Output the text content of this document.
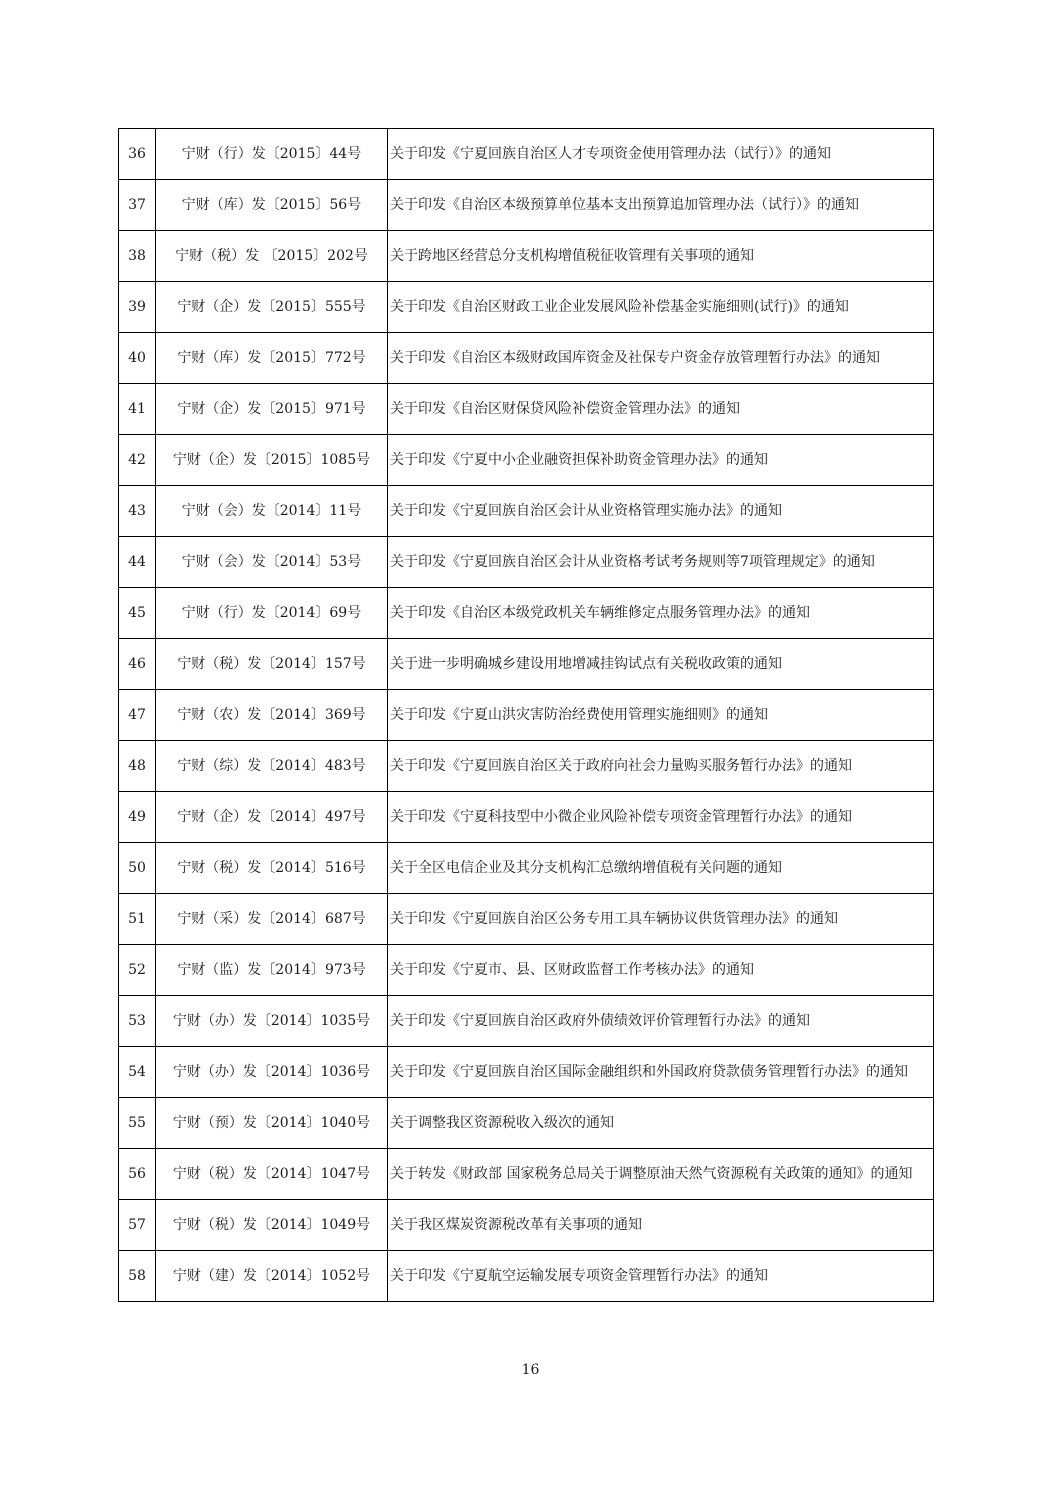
36	宁财（行）发〔2015〕44号	关于印发《宁夏回族自治区人才专项资金使用管理办法（试行）》的通知
37	宁财（库）发〔2015〕56号	关于印发《自治区本级预算单位基本支出预算追加管理办法（试行）》的通知
38	宁财（税）发 〔2015〕202号	关于跨地区经营总分支机构增值税征收管理有关事项的通知
39	宁财（企）发〔2015〕555号	关于印发《自治区财政工业企业发展风险补偿基金实施细则(试行)》的通知
40	宁财（库）发〔2015〕772号	关于印发《自治区本级财政国库资金及社保专户资金存放管理暂行办法》的通知
41	宁财（企）发〔2015〕971号	关于印发《自治区财保贷风险补偿资金管理办法》的通知
42	宁财（企）发〔2015〕1085号	关于印发《宁夏中小企业融资担保补助资金管理办法》的通知
43	宁财（会）发〔2014〕11号	关于印发《宁夏回族自治区会计从业资格管理实施办法》的通知
44	宁财（会）发〔2014〕53号	关于印发《宁夏回族自治区会计从业资格考试考务规则等7项管理规定》的通知
45	宁财（行）发〔2014〕69号	关于印发《自治区本级党政机关车辆维修定点服务管理办法》的通知
46	宁财（税）发〔2014〕157号	关于进一步明确城乡建设用地增减挂钩试点有关税收政策的通知
47	宁财（农）发〔2014〕369号	关于印发《宁夏山洪灾害防治经费使用管理实施细则》的通知
48	宁财（综）发〔2014〕483号	关于印发《宁夏回族自治区关于政府向社会力量购买服务暂行办法》的通知
49	宁财（企）发〔2014〕497号	关于印发《宁夏科技型中小微企业风险补偿专项资金管理暂行办法》的通知
50	宁财（税）发〔2014〕516号	关于全区电信企业及其分支机构汇总缴纳增值税有关问题的通知
51	宁财（采）发〔2014〕687号	关于印发《宁夏回族自治区公务专用工具车辆协议供货管理办法》的通知
52	宁财（监）发〔2014〕973号	关于印发《宁夏市、县、区财政监督工作考核办法》的通知
53	宁财（办）发〔2014〕1035号	关于印发《宁夏回族自治区政府外债绩效评价管理暂行办法》的通知
54	宁财（办）发〔2014〕1036号	关于印发《宁夏回族自治区国际金融组织和外国政府贷款债务管理暂行办法》的通知
55	宁财（预）发〔2014〕1040号	关于调整我区资源税收入级次的通知
56	宁财（税）发〔2014〕1047号	关于转发《财政部 国家税务总局关于调整原油天然气资源税有关政策的通知》的通知
57	宁财（税）发〔2014〕1049号	关于我区煤炭资源税改革有关事项的通知
58	宁财（建）发〔2014〕1052号	关于印发《宁夏航空运输发展专项资金管理暂行办法》的通知
16
